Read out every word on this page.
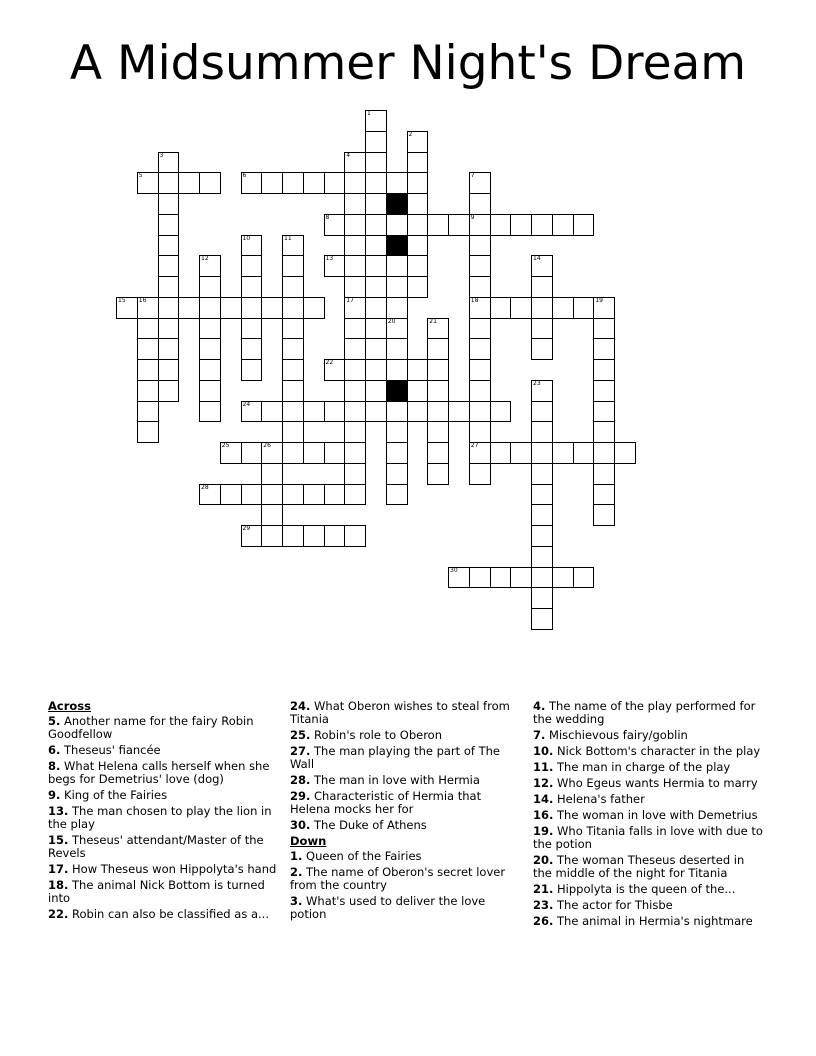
A Midsummer Night's Dream
1
2
3	4
17
5	6	7
9
18
27
8
10	11
12	13	14
15 16	19
20	21
22
23
24
25	26
28
29
30
Across
5. Another name for the fairy Robin Goodfellow
6. Theseus' fiancée
8. What Helena calls herself when she begs for Demetrius' love (dog)
9. King of the Fairies
13. The man chosen to play the lion in the play
15. Theseus' attendant/Master of the Revels
17. How Theseus won Hippolyta's hand
18. The animal Nick Bottom is turned into
22. Robin can also be classified as a...
24. What Oberon wishes to steal from Titania
25. Robin's role to Oberon
27. The man playing the part of The Wall
28. The man in love with Hermia
29. Characteristic of Hermia that Helena mocks her for
30. The Duke of Athens
Down
1. Queen of the Fairies
2. The name of Oberon's secret lover from the country
3. What's used to deliver the love potion
4. The name of the play performed for the wedding
7. Mischievous fairy/goblin
10. Nick Bottom's character in the play
11. The man in charge of the play
12. Who Egeus wants Hermia to marry
14. Helena's father
16. The woman in love with Demetrius
19. Who Titania falls in love with due to the potion
20. The woman Theseus deserted in the middle of the night for Titania
21. Hippolyta is the queen of the...
23. The actor for Thisbe
26. The animal in Hermia's nightmare
